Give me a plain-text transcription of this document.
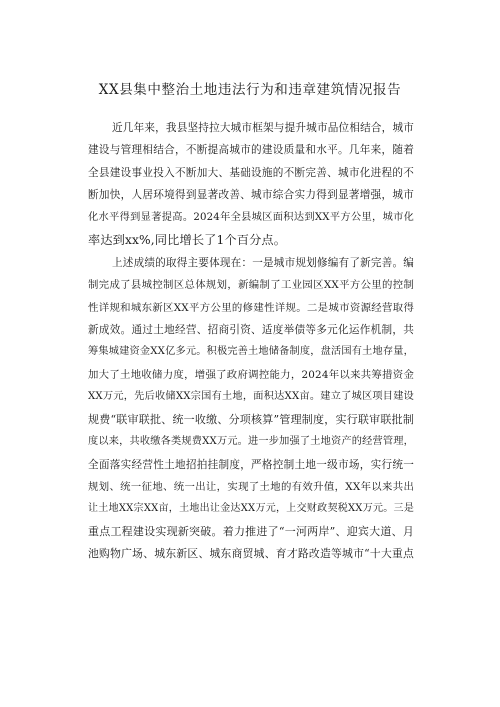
XX县集中整治土地违法行为和违章建筑情况报告
近几年来，我县坚持拉大城市框架与提升城市品位相结合，城市
建设与管理相结合，不断提高城市的建设质量和水平。几年来，随着
全县建设事业投入不断加大、基础设施的不断完善、城市化进程的不
断加快，人居环境得到显著改善、城市综合实力得到显著增强，城市
化水平得到显著提高。2024年全县城区面积达到XX平方公里，城市化
率达到xx%,同比增长了1个百分点。
上述成绩的取得主要体现在：一是城市规划修编有了新完善。编
制完成了县城控制区总体规划，新编制了工业园区XX平方公里的控制
性详规和城东新区XX平方公里的修建性详规。二是城市资源经营取得
新成效。通过土地经营、招商引资、适度举债等多元化运作机制，共
筹集城建资金XX亿多元。积极完善土地储备制度，盘活国有土地存量，
加大了土地收储力度，增强了政府调控能力，2024年以来共筹措资金
XX万元，先后收储XX宗国有土地，面积达XX亩。建立了城区项目建设
规费“联审联批、统一收缴、分项核算”管理制度，实行联审联批制
度以来，共收缴各类规费XX万元。进一步加强了土地资产的经营管理，
全面落实经营性土地招拍挂制度，严格控制土地一级市场，实行统一
规划、统一征地、统一出让，实现了土地的有效升值，XX年以来共出
让土地XX宗XX亩，土地出让金达XX万元，上交财政契税XX万元。三是
重点工程建设实现新突破。着力推进了“一河两岸”、迎宾大道、月
池购物广场、城东新区、城东商贸城、育才路改造等城市“十大重点
